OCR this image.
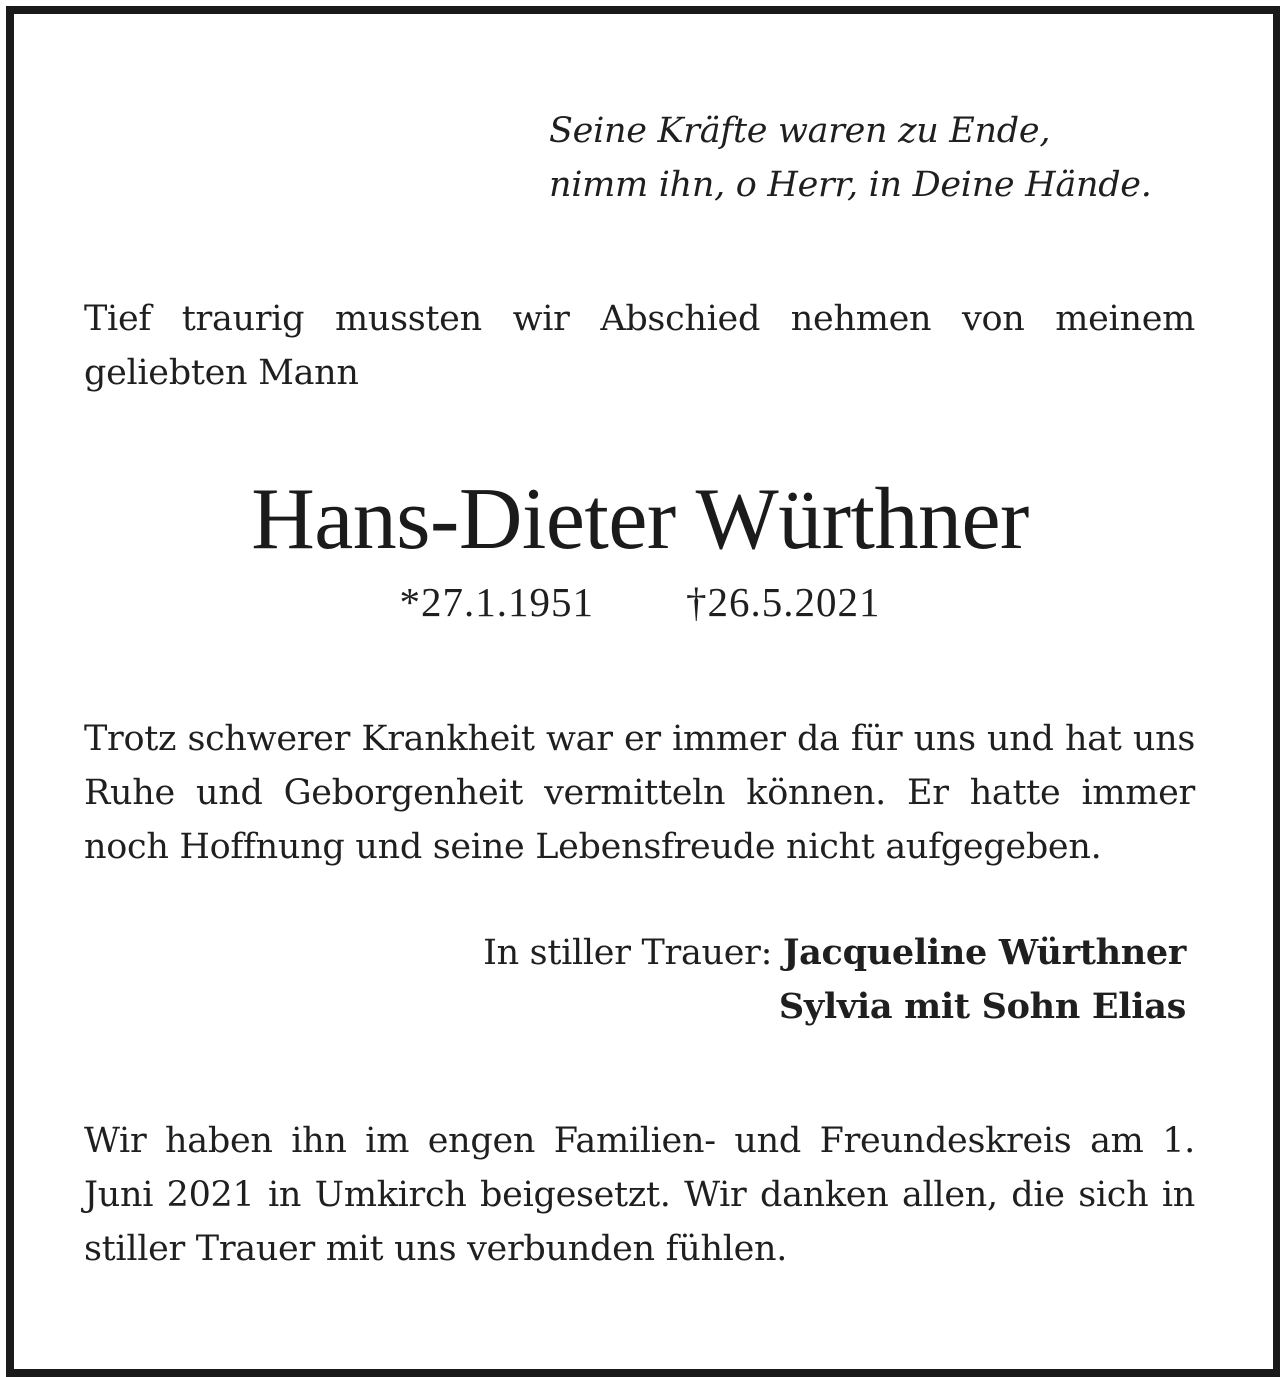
Seine Kräfte waren zu Ende,
nimm ihn, o Herr, in Deine Hände.
Tief traurig mussten wir Abschied nehmen von meinem geliebten Mann
Hans-Dieter Würthner
*27.1.1951 †26.5.2021
Trotz schwerer Krankheit war er immer da für uns und hat uns Ruhe und Geborgenheit vermitteln können. Er hatte immer noch Hoffnung und seine Lebensfreude nicht aufgegeben.
In stiller Trauer: Jacqueline Würthner
Sylvia mit Sohn Elias
Wir haben ihn im engen Familien- und Freundeskreis am 1. Juni 2021 in Umkirch beigesetzt. Wir danken allen, die sich in stiller Trauer mit uns verbunden fühlen.
